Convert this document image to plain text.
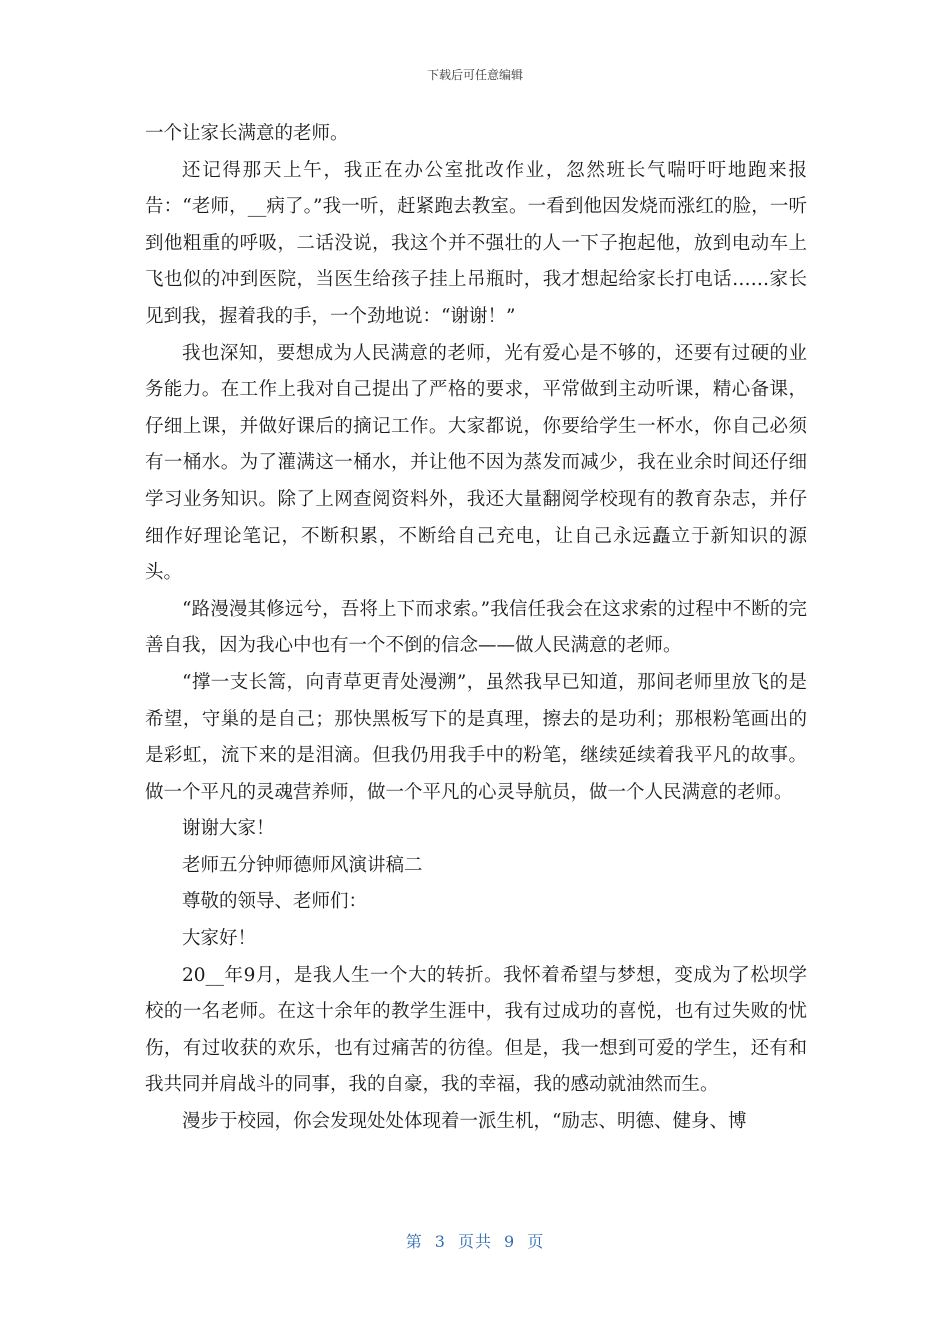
下载后可任意编辑

一个让家长满意的老师。

还记得那天上午，我正在办公室批改作业，忽然班长气喘吁吁地跑来报告：“老师，__病了。”我一听，赶紧跑去教室。一看到他因发烧而涨红的脸，一听到他粗重的呼吸，二话没说，我这个并不强壮的人一下子抱起他，放到电动车上飞也似的冲到医院，当医生给孩子挂上吊瓶时，我才想起给家长打电话……家长见到我，握着我的手，一个劲地说：“谢谢！”

我也深知，要想成为人民满意的老师，光有爱心是不够的，还要有过硬的业务能力。在工作上我对自己提出了严格的要求，平常做到主动听课，精心备课，仔细上课，并做好课后的摘记工作。大家都说，你要给学生一杯水，你自己必须有一桶水。为了灌满这一桶水，并让他不因为蒸发而减少，我在业余时间还仔细学习业务知识。除了上网查阅资料外，我还大量翻阅学校现有的教育杂志，并仔细作好理论笔记，不断积累，不断给自己充电，让自己永远矗立于新知识的源头。

“路漫漫其修远兮，吾将上下而求索。”我信任我会在这求索的过程中不断的完善自我，因为我心中也有一个不倒的信念——做人民满意的老师。

“撑一支长篙，向青草更青处漫溯”，虽然我早已知道，那间老师里放飞的是希望，守巢的是自己；那快黑板写下的是真理，擦去的是功利；那根粉笔画出的是彩虹，流下来的是泪滴。但我仍用我手中的粉笔，继续延续着我平凡的故事。做一个平凡的灵魂营养师，做一个平凡的心灵导航员，做一个人民满意的老师。

谢谢大家！

老师五分钟师德师风演讲稿二

尊敬的领导、老师们：

大家好！

20__年9月，是我人生一个大的转折。我怀着希望与梦想，变成为了松坝学校的一名老师。在这十余年的教学生涯中，我有过成功的喜悦，也有过失败的忧伤，有过收获的欢乐，也有过痛苦的彷徨。但是，我一想到可爱的学生，还有和我共同并肩战斗的同事，我的自豪，我的幸福，我的感动就油然而生。

漫步于校园，你会发现处处体现着一派生机，“励志、明德、健身、博

第 3 页共 9 页
